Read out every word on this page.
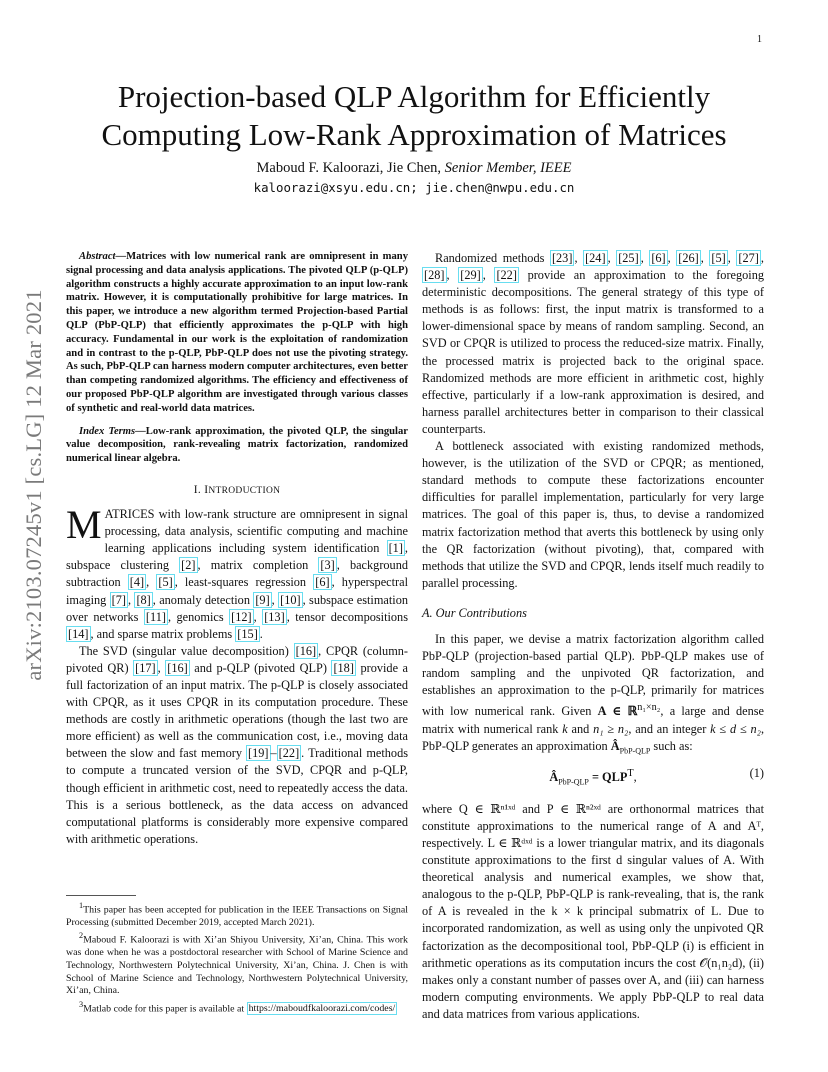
1
arXiv:2103.07245v1 [cs.LG] 12 Mar 2021
Projection-based QLP Algorithm for Efficiently Computing Low-Rank Approximation of Matrices
Maboud F. Kaloorazi, Jie Chen, Senior Member, IEEE
kaloorazi@xsyu.edu.cn; jie.chen@nwpu.edu.cn

Abstract—Matrices with low numerical rank are omnipresent in many signal processing and data analysis applications. The pivoted QLP (p-QLP) algorithm constructs a highly accurate approximation to an input low-rank matrix. However, it is computationally prohibitive for large matrices. In this paper, we introduce a new algorithm termed Projection-based Partial QLP (PbP-QLP) that efficiently approximates the p-QLP with high accuracy. Fundamental in our work is the exploitation of randomization and in contrast to the p-QLP, PbP-QLP does not use the pivoting strategy. As such, PbP-QLP can harness modern computer architectures, even better than competing randomized algorithms. The efficiency and effectiveness of our proposed PbP-QLP algorithm are investigated through various classes of synthetic and real-world data matrices.

Index Terms—Low-rank approximation, the pivoted QLP, the singular value decomposition, rank-revealing matrix factorization, randomized numerical linear algebra.

I. INTRODUCTION

MATRICES with low-rank structure are omnipresent in signal processing, data analysis, scientific computing and machine learning applications including system identification [1] , subspace clustering [2] , matrix completion [3] , background subtraction [4] , [5] , least-squares regression [6] , hyperspectral imaging [7] , [8] , anomaly detection [9] , [10] , subspace estimation over networks [11] , genomics [12] , [13] , tensor decompositions [14] , and sparse matrix problems [15] .

The SVD (singular value decomposition) [16] , CPQR (column-pivoted QR) [17] , [16] and p-QLP (pivoted QLP) [18] provide a full factorization of an input matrix. The p-QLP is closely associated with CPQR, as it uses CPQR in its computation procedure. These methods are costly in arithmetic operations (though the last two are more efficient) as well as the communication cost, i.e., moving data between the slow and fast memory [19] – [22] . Traditional methods to compute a truncated version of the SVD, CPQR and p-QLP, though efficient in arithmetic cost, need to repeatedly access the data. This is a serious bottleneck, as the data access on advanced computational platforms is considerably more expensive compared with arithmetic operations.

$^1$This paper has been accepted for publication in the IEEE Transactions on Signal Processing (submitted December 2019, accepted March 2021).

$^2$Maboud F. Kaloorazi is with Xi’an Shiyou University, Xi’an, China. This work was done when he was a postdoctoral researcher with School of Marine Science and Technology, Northwestern Polytechnical University, Xi’an, China. J. Chen is with School of Marine Science and Technology, Northwestern Polytechnical University, Xi’an, China.

$^3$Matlab code for this paper is available at https://maboudfkaloorazi.com/codes/

Randomized methods [23] , [24] , [25] , [6] , [26] , [5] , [27] , [28] , [29] , [22] provide an approximation to the foregoing deterministic decompositions. The general strategy of this type of methods is as follows: first, the input matrix is transformed to a lower-dimensional space by means of random sampling. Second, an SVD or CPQR is utilized to process the reduced-size matrix. Finally, the processed matrix is projected back to the original space. Randomized methods are more efficient in arithmetic cost, highly effective, particularly if a low-rank approximation is desired, and harness parallel architectures better in comparison to their classical counterparts.

A bottleneck associated with existing randomized methods, however, is the utilization of the SVD or CPQR; as mentioned, standard methods to compute these factorizations encounter difficulties for parallel implementation, particularly for very large matrices. The goal of this paper is, thus, to devise a randomized matrix factorization method that averts this bottleneck by using only the QR factorization (without pivoting), that, compared with methods that utilize the SVD and CPQR, lends itself much readily to parallel processing.

A. Our Contributions

In this paper, we devise a matrix factorization algorithm called PbP-QLP (projection-based partial QLP). PbP-QLP makes use of random sampling and the unpivoted QR factorization, and establishes an approximation to the p-QLP, primarily for matrices with low numerical rank. Given A ∈ ℝ$^{n_1\times n_2}$, a large and dense matrix with numerical rank k and n₁ ≥ n₂, and an integer k ≤ d ≤ n₂, PbP-QLP generates an approximation $Â_{PbP-QLP}$ such as:

$Â_{PbP-QLP} = QLP^T$,	(1)

where Q ∈ ℝⁿ¹ˣᵈ and P ∈ ℝⁿ²ˣᵈ are orthonormal matrices that constitute approximations to the numerical range of A and Aᵀ, respectively. L ∈ ℝᵈˣᵈ is a lower triangular matrix, and its diagonals constitute approximations to the first d singular values of A. With theoretical analysis and numerical examples, we show that, analogous to the p-QLP, PbP-QLP is rank-revealing, that is, the rank of A is revealed in the k × k principal submatrix of L. Due to incorporated randomization, as well as using only the unpivoted QR factorization as the decompositional tool, PbP-QLP (i) is efficient in arithmetic operations as its computation incurs the cost 𝒪(n₁n₂d), (ii) makes only a constant number of passes over A, and (iii) can harness modern computing environments. We apply PbP-QLP to real data and data matrices from various applications.
